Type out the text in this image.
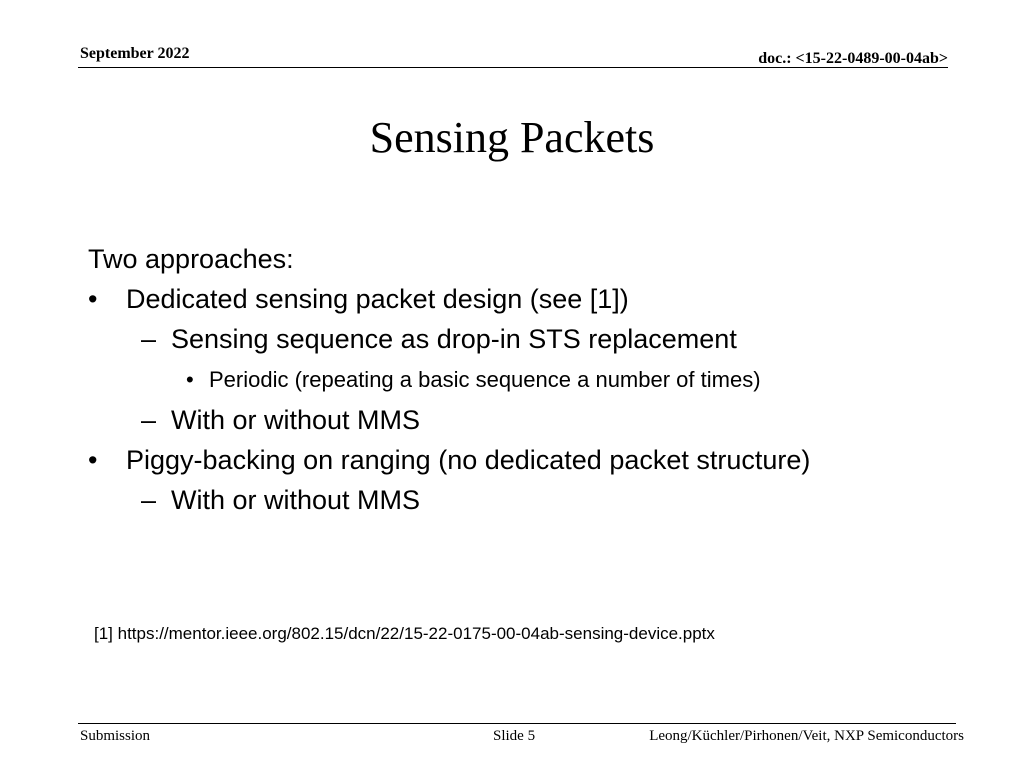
September 2022	doc.: <15-22-0489-00-04ab>
Sensing Packets
Two approaches:
• Dedicated sensing packet design (see [1])
– Sensing sequence as drop-in STS replacement
• Periodic (repeating a basic sequence a number of times)
– With or without MMS
• Piggy-backing on ranging (no dedicated packet structure)
– With or without MMS
[1] https://mentor.ieee.org/802.15/dcn/22/15-22-0175-00-04ab-sensing-device.pptx
Submission	Slide 5	Leong/Küchler/Pirhonen/Veit, NXP Semiconductors
